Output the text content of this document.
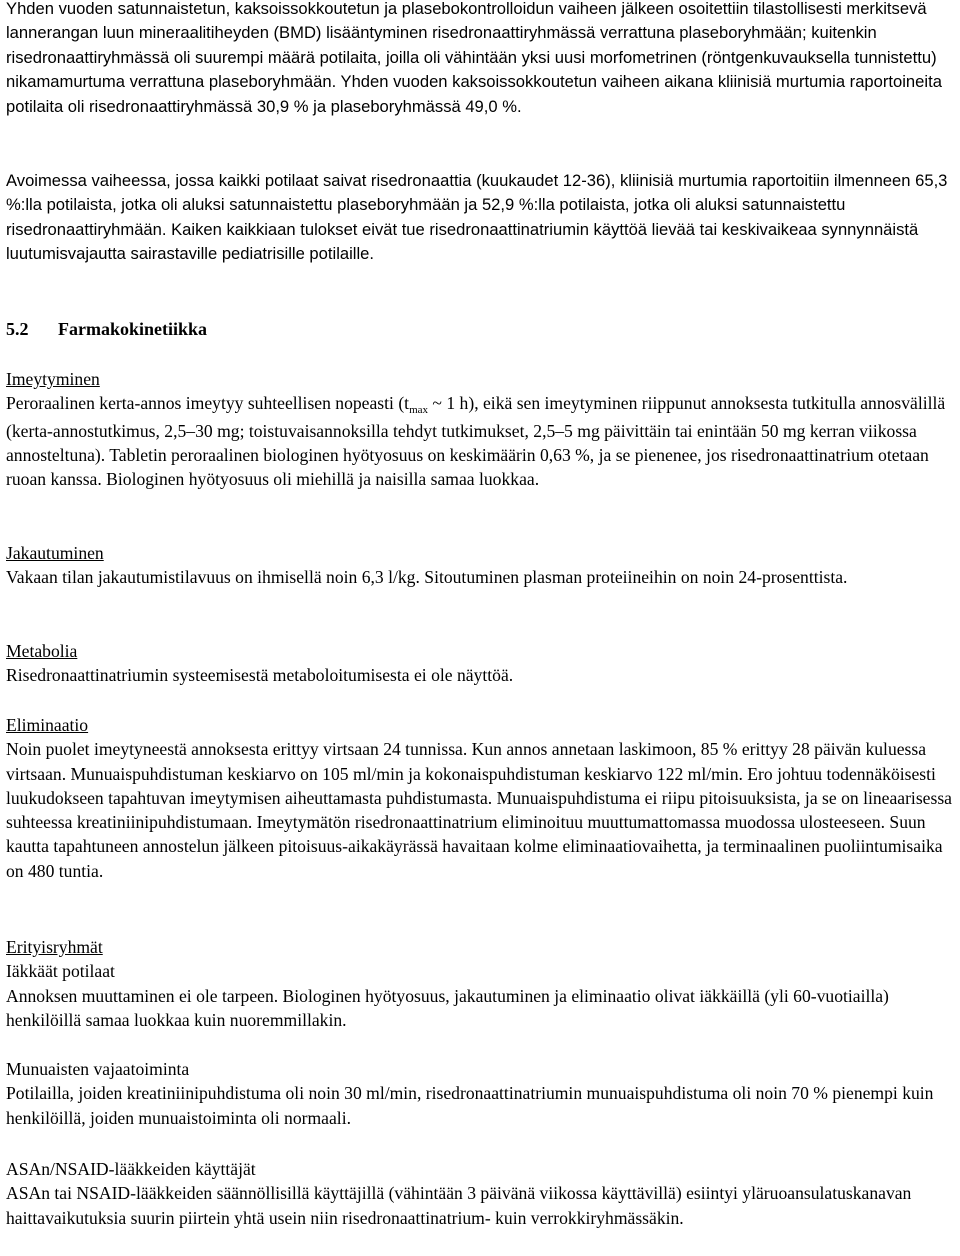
Yhden vuoden satunnaistetun, kaksoissokkoutetun ja plasebokontrolloidun vaiheen jälkeen osoitettiin tilastollisesti merkitsevä lannerangan luun mineraalitiheyden (BMD) lisääntyminen risedronaattiryhmässä verrattuna plaseboryhmään; kuitenkin risedronaattiryhmässä oli suurempi määrä potilaita, joilla oli vähintään yksi uusi morfometrinen (röntgenkuvauksella tunnistettu) nikamamurtuma verrattuna plaseboryhmään. Yhden vuoden kaksoissokkoutetun vaiheen aikana kliinisiä murtumia raportoineita potilaita oli risedronaattiryhmässä 30,9 % ja plaseboryhmässä 49,0 %.

Avoimessa vaiheessa, jossa kaikki potilaat saivat risedronaattia (kuukaudet 12-36), kliinisiä murtumia raportoitiin ilmenneen 65,3 %:lla potilaista, jotka oli aluksi satunnaistettu plaseboryhmään ja 52,9 %:lla potilaista, jotka oli aluksi satunnaistettu risedronaattiryhmään. Kaiken kaikkiaan tulokset eivät tue risedronaattinatriumin käyttöä lievää tai keskivaikeaa synnynnäistä luutumisvajautta sairastaville pediatrisille potilaille.

5.2 Farmakokinetiikka
Imeytyminen

Peroraalinen kerta-annos imeytyy suhteellisen nopeasti ($t_{max}$ ~ 1 h), eikä sen imeytyminen riippunut annoksesta tutkitulla annosvälillä (kerta-annostutkimus, 2,5–30 mg; toistuvaisannoksilla tehdyt tutkimukset, 2,5–5 mg päivittäin tai enintään 50 mg kerran viikossa annosteltuna). Tabletin peroraalinen biologinen hyötyosuus on keskimäärin 0,63 %, ja se pienenee, jos risedronaattinatrium otetaan ruoan kanssa. Biologinen hyötyosuus oli miehillä ja naisilla samaa luokkaa.

Jakautuminen

Vakaan tilan jakautumistilavuus on ihmisellä noin 6,3 l/kg. Sitoutuminen plasman proteiineihin on noin 24-prosenttista.

Metabolia

Risedronaattinatriumin systeemisestä metaboloitumisesta ei ole näyttöä.

Eliminaatio

Noin puolet imeytyneestä annoksesta erittyy virtsaan 24 tunnissa. Kun annos annetaan laskimoon, 85 % erittyy 28 päivän kuluessa virtsaan. Munuaispuhdistuman keskiarvo on 105 ml/min ja kokonaispuhdistuman keskiarvo 122 ml/min. Ero johtuu todennäköisesti luukudokseen tapahtuvan imeytymisen aiheuttamasta puhdistumasta. Munuaispuhdistuma ei riipu pitoisuuksista, ja se on lineaarisessa suhteessa kreatiniinipuhdistumaan. Imeytymätön risedronaattinatrium eliminoituu muuttumattomassa muodossa ulosteeseen. Suun kautta tapahtuneen annostelun jälkeen pitoisuus-aikakäyrässä havaitaan kolme eliminaatiovaihetta, ja terminaalinen puoliintumisaika on 480 tuntia.

Erityisryhmät
Iäkkäät potilaat

Annoksen muuttaminen ei ole tarpeen. Biologinen hyötyosuus, jakautuminen ja eliminaatio olivat iäkkäillä (yli 60-vuotiailla) henkilöillä samaa luokkaa kuin nuoremmillakin.

Munuaisten vajaatoiminta

Potilailla, joiden kreatiniinipuhdistuma oli noin 30 ml/min, risedronaattinatriumin munuaispuhdistuma oli noin 70 % pienempi kuin henkilöillä, joiden munuaistoiminta oli normaali.

ASAn/NSAID-lääkkeiden käyttäjät

ASAn tai NSAID-lääkkeiden säännöllisillä käyttäjillä (vähintään 3 päivänä viikossa käyttävillä) esiintyi yläruoansulatuskanavan haittavaikutuksia suurin piirtein yhtä usein niin risedronaattinatrium- kuin verrokkiryhmässäkin.
